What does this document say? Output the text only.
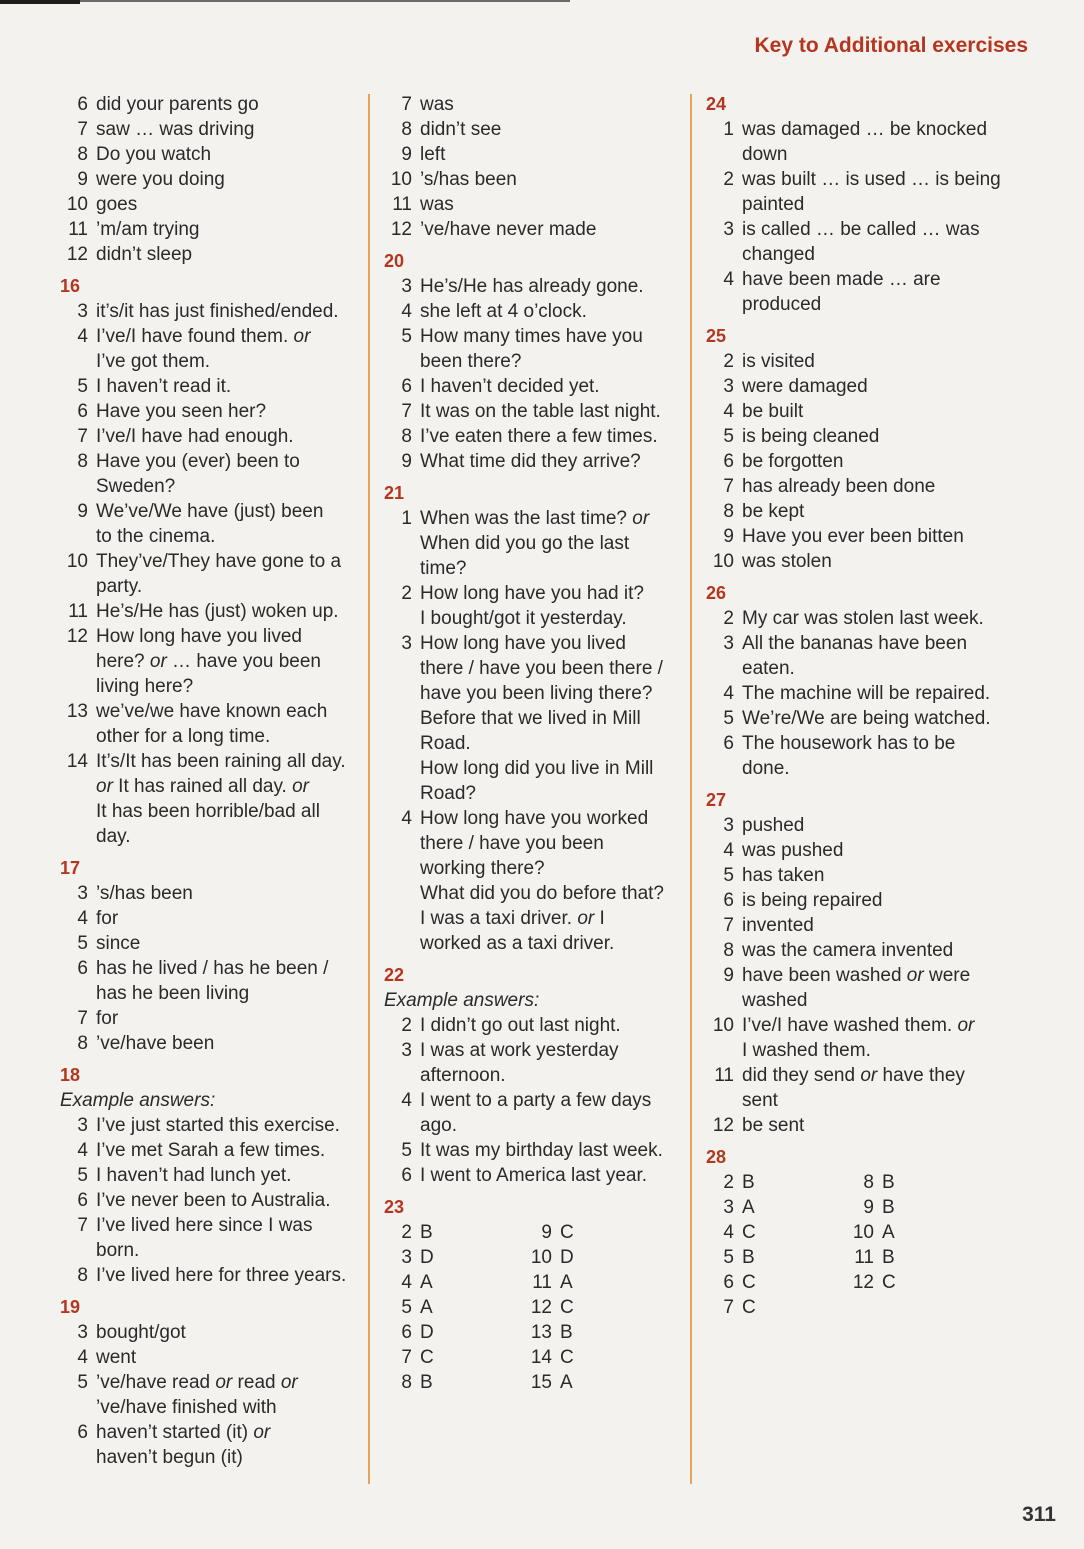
Key to Additional exercises
6 did your parents go
7 saw … was driving
8 Do you watch
9 were you doing
10 goes
11 ’m/am trying
12 didn’t sleep
16
3 it’s/it has just finished/ended.
4 I’ve/I have found them. or
I’ve got them.
5 I haven’t read it.
6 Have you seen her?
7 I’ve/I have had enough.
8 Have you (ever) been to
Sweden?
9 We’ve/We have (just) been
to the cinema.
10 They’ve/They have gone to a
party.
11 He’s/He has (just) woken up.
12 How long have you lived
here? or … have you been
living here?
13 we’ve/we have known each
other for a long time.
14 It’s/It has been raining all day.
or It has rained all day. or
It has been horrible/bad all
day.
17
3 ’s/has been
4 for
5 since
6 has he lived / has he been /
has he been living
7 for
8 ’ve/have been
18
Example answers:
3 I’ve just started this exercise.
4 I’ve met Sarah a few times.
5 I haven’t had lunch yet.
6 I’ve never been to Australia.
7 I’ve lived here since I was
born.
8 I’ve lived here for three years.
19
3 bought/got
4 went
5 ’ve/have read or read or
’ve/have finished with
6 haven’t started (it) or
haven’t begun (it)
7 was
8 didn’t see
9 left
10 ’s/has been
11 was
12 ’ve/have never made
20
3 He’s/He has already gone.
4 she left at 4 o’clock.
5 How many times have you
been there?
6 I haven’t decided yet.
7 It was on the table last night.
8 I’ve eaten there a few times.
9 What time did they arrive?
21
1 When was the last time? or
When did you go the last
time?
2 How long have you had it?
I bought/got it yesterday.
3 How long have you lived
there / have you been there /
have you been living there?
Before that we lived in Mill
Road.
How long did you live in Mill
Road?
4 How long have you worked
there / have you been
working there?
What did you do before that?
I was a taxi driver. or I
worked as a taxi driver.
22
Example answers:
2 I didn’t go out last night.
3 I was at work yesterday
afternoon.
4 I went to a party a few days
ago.
5 It was my birthday last week.
6 I went to America last year.
23
2 B
3 D
4 A
5 A
6 D
7 C
8 B
9 C
10 D
11 A
12 C
13 B
14 C
15 A
24
1 was damaged … be knocked
down
2 was built … is used … is being
painted
3 is called … be called … was
changed
4 have been made … are
produced
25
2 is visited
3 were damaged
4 be built
5 is being cleaned
6 be forgotten
7 has already been done
8 be kept
9 Have you ever been bitten
10 was stolen
26
2 My car was stolen last week.
3 All the bananas have been
eaten.
4 The machine will be repaired.
5 We’re/We are being watched.
6 The housework has to be
done.
27
3 pushed
4 was pushed
5 has taken
6 is being repaired
7 invented
8 was the camera invented
9 have been washed or were
washed
10 I’ve/I have washed them. or
I washed them.
11 did they send or have they
sent
12 be sent
28
2 B
3 A
4 C
5 B
6 C
7 C
8 B
9 B
10 A
11 B
12 C
311
